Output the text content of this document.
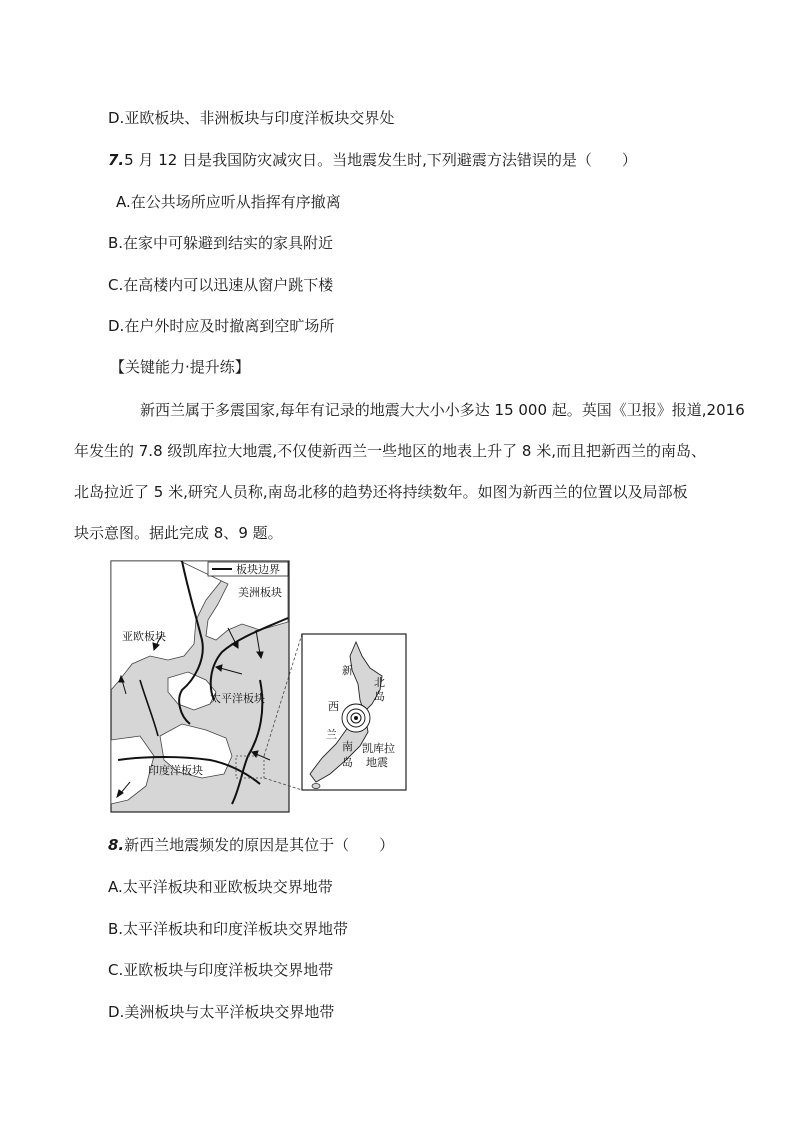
D.亚欧板块、非洲板块与印度洋板块交界处
7.5 月 12 日是我国防灾减灾日。当地震发生时,下列避震方法错误的是（　　）
A.在公共场所应听从指挥有序撤离
B.在家中可躲避到结实的家具附近
C.在高楼内可以迅速从窗户跳下楼
D.在户外时应及时撤离到空旷场所
【关键能力·提升练】
新西兰属于多震国家,每年有记录的地震大大小小多达 15 000 起。英国《卫报》报道,2016
年发生的 7.8 级凯库拉大地震,不仅使新西兰一些地区的地表上升了 8 米,而且把新西兰的南岛、
北岛拉近了 5 米,研究人员称,南岛北移的趋势还将持续数年。如图为新西兰的位置以及局部板
块示意图。据此完成 8、9 题。
板块边界
美洲板块
亚欧板块
太平洋板块
印度洋板块
北
岛
南
岛
新
西
兰
凯库拉
地震
8.新西兰地震频发的原因是其位于（　　）
A.太平洋板块和亚欧板块交界地带
B.太平洋板块和印度洋板块交界地带
C.亚欧板块与印度洋板块交界地带
D.美洲板块与太平洋板块交界地带
